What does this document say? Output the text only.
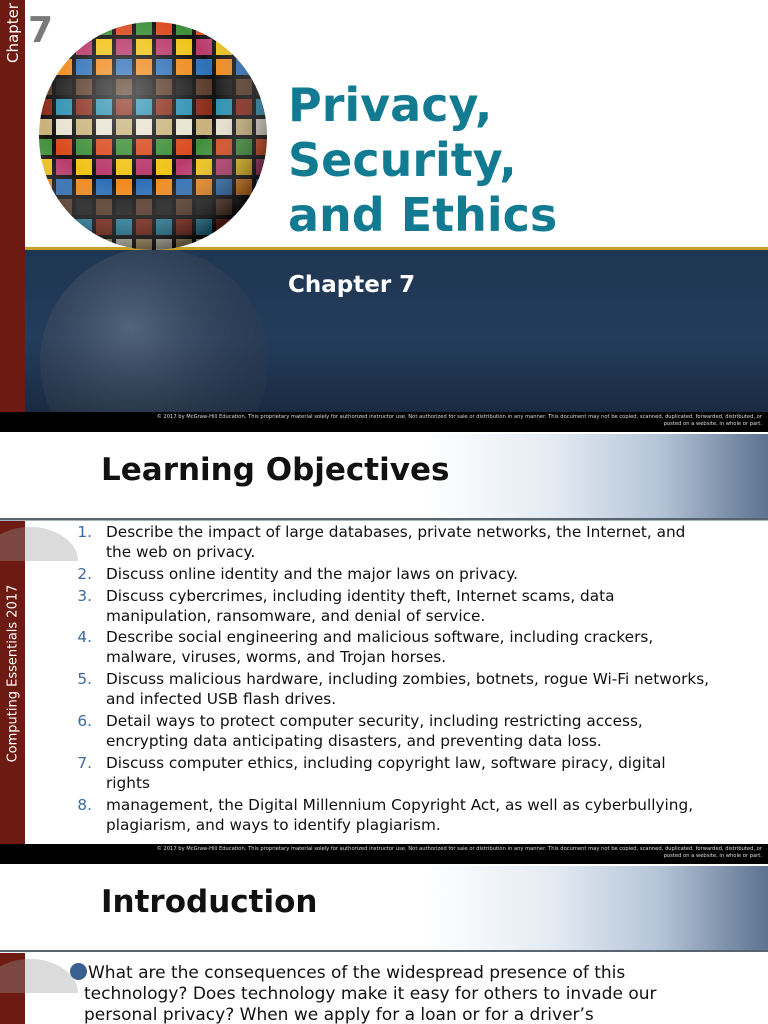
Chapter 7
Privacy,
Security,
and Ethics
Chapter 7
© 2017 by McGraw-Hill Education. This proprietary material solely for authorized instructor use. Not authorized for sale or distribution in any manner. This document may not be copied, scanned, duplicated, forwarded, distributed, or
posted on a website, in whole or part.
Learning Objectives
Computing Essentials 2017
1. Describe the impact of large databases, private networks, the Internet, and the web on privacy.
2. Discuss online identity and the major laws on privacy.
3. Discuss cybercrimes, including identity theft, Internet scams, data manipulation, ransomware, and denial of service.
4. Describe social engineering and malicious software, including crackers, malware, viruses, worms, and Trojan horses.
5. Discuss malicious hardware, including zombies, botnets, rogue Wi-Fi networks, and infected USB flash drives.
6. Detail ways to protect computer security, including restricting access, encrypting data anticipating disasters, and preventing data loss.
7. Discuss computer ethics, including copyright law, software piracy, digital rights
8. management, the Digital Millennium Copyright Act, as well as cyberbullying, plagiarism, and ways to identify plagiarism.
© 2017 by McGraw-Hill Education. This proprietary material solely for authorized instructor use. Not authorized for sale or distribution in any manner. This document may not be copied, scanned, duplicated, forwarded, distributed, or
posted on a website, in whole or part.
Introduction
What are the consequences of the widespread presence of this technology? Does technology make it easy for others to invade our personal privacy? When we apply for a loan or for a driver’s
